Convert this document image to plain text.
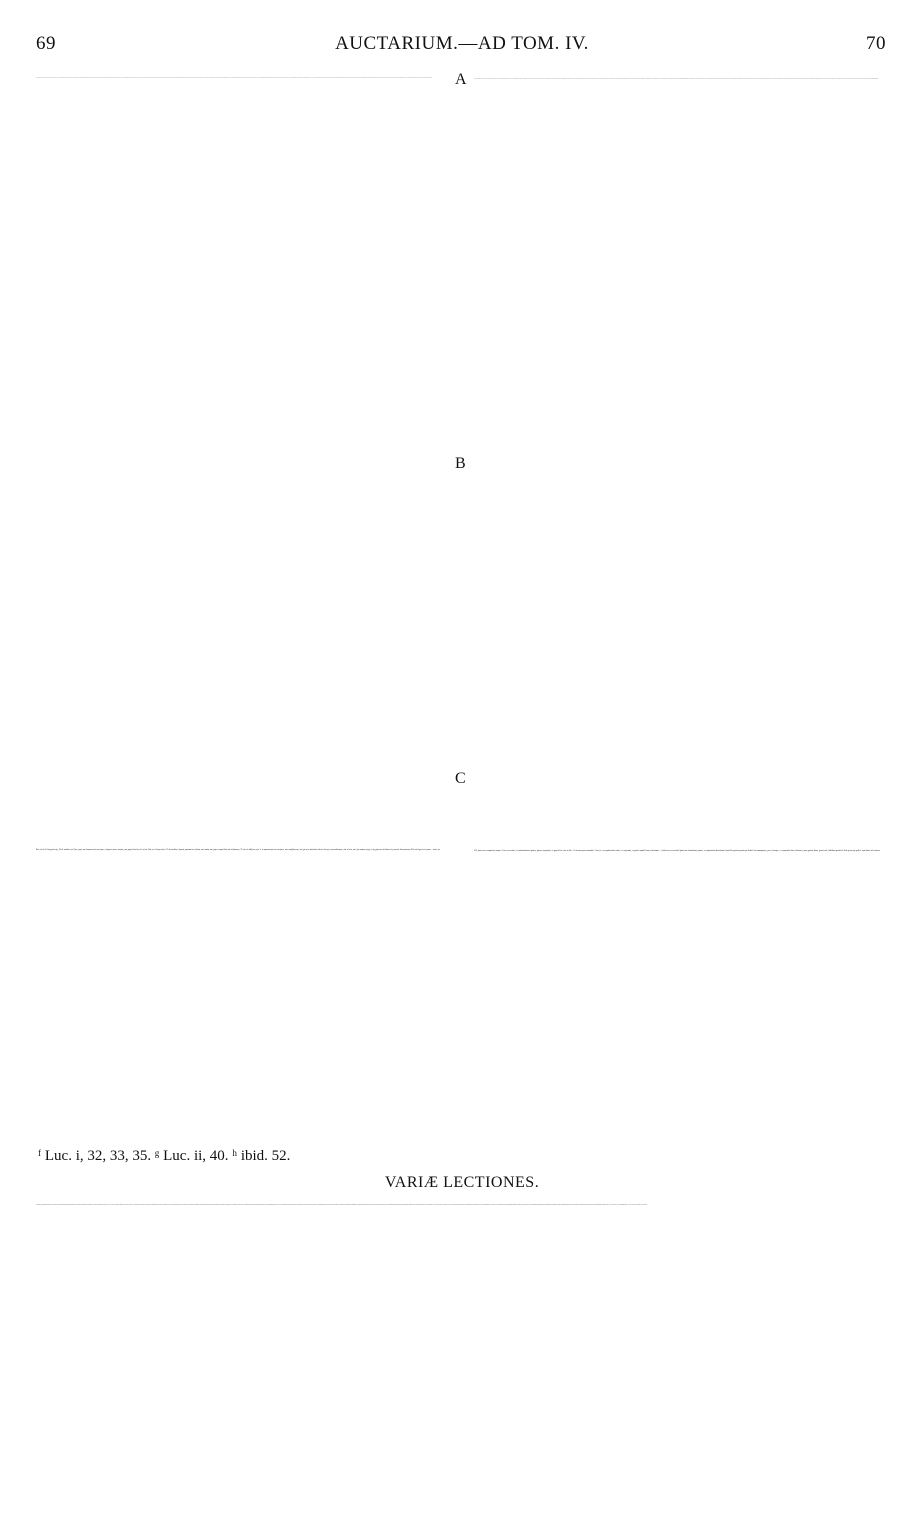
69	AUCTARIUM.—AD TOM. IV.	70
Καὶ νῦν δὲ ὁ Εὐαγγελιστής, Τὸ δὲ παιδίον ηὔ- ξανε, φησί, καὶ ἐκραταιοῦτο πνεύματι, πληρού- μενον σοφίας· καὶ χάρις Θεοῦ ἦν ἐπ' αὐτῷ⁵. Καὶ μετ' ὀλίγα πάλιν· Τὸ δὲ παιδίον⁶ Ἰησοῦς προέκοπτεν ἡλικίᾳ, καὶ σοφίᾳ, καὶ χάριτι παρὰ Θεῷ καὶ ἀνθρώποις. Τί οὖν τὸ αὐξάνον, καὶ τί τὸ κραταιούμενον πνεύματι, καὶ σοφιζόμενον, καὶ χά- ριτι ἀπολαῦον Θεοῦ; θεότης ἡ παντοδύναμος, καὶ τελεία, καὶ τῆς σοφίας πηγὴ, ἡ τῆς χάριτος τὰ δῶρα τοῖς πιστοῖς διανέμουσα; Ἀλλ' οὐκ ἔχον ἐστὶ φύσιν ⁷ τοῦτό γε.	120 Jam vero evangelista inquit : Puer crescebat, et confortabatur spiritu, plenus sapientia, et gratia Dei erat in illo ᵍ. Et iterum post nonnulla : Puer Je- sus proficiebat ætate, et sapientia, et gratia apud Deum et homines ʰ. Quid vero crescebat? quid con- fortabatur spiritu, et sapientiam docebatur? quid Dei gratiæ particeps fiebat? an omnipotens, per- fectaque, et sapientiæ fons, divinitas, quæ gratiæ dona, prout vult, fidelibus partitur? Sed quem ap- pellat, non habet id a natura.
A
B
C
ᶠ Luc. i, 32, 33, 35. ᵍ Luc. ii, 40. ʰ ibid. 52.
VARIÆ LECTIONES.
legebantur. Quæ cum non responderent textui Græco, aliam in ejus locum substituimus interpretationem. Mercatoris vero textum hoc loco subjungere et ex editione Garnerii supplere visum est. « Sed et Gabriel, evangelizans Virgini, sicut Lucas beatus exponit : Ecce, inquit, in utero concipies, et paries Filium, et vocabis nomen ejus Jesum. Hic erit magnus, et Filius Altissimi vocabitur, et dabit illi Deus sedem Davidis patris sui, et regnabit hic super domum Jacob in æternum, et regni ejus non erit finis : ideoque et quod nascetur ex te sanctum, vocabitur Filius Dei. Considerate, quod hic etiam cuncta dicantur humanitus. Erit, inquit, magnus, non dixit, est : et Filius Altissimi vocabitur, non dixit vocatur aut est : non dixit, habet sedem David patris sui; sed dabit ei, et regnabit, non dixit, regnat. Super quos? Super domum Ja- cob; non dixit, super angelos et archangelos. Et iterum, sanctum vocabitur Filius Dei; non dixit, vocatur. Quid ad hæc dicitis, qui veritati proprias passiones præponentes, propter humana certamina Deo præ- lium passi estis inferre? Cui ista conveniunt? Deo? et qui semper est, et regi et sancto, et Filio Dei? an autem templo, quod ex semine David sumptum, et propter unitatem Dei Verbi hæc ipsa promeruit? Non itaque Dei Verbum post nativitatem Virginis magnum futurum esse prædixit, sed templum, quod ex Virgine sanctum assumptum, unitum et connuncupatum etiam ipsum Filius; non ut duos filios adoremus, sed ut in templo visibili Deum invisibilem contuentes, unam illi venerationis gloriam deferamus. » mus. » ⁵ Loco cit. leg. αὐτό. Alii, ἐν αὐτῷ. ⁶ τὸ δὲ παιδ., κ. τ. λ. Aliter l. c. legitur. ⁷ Legendum esse videtur φύσει.
